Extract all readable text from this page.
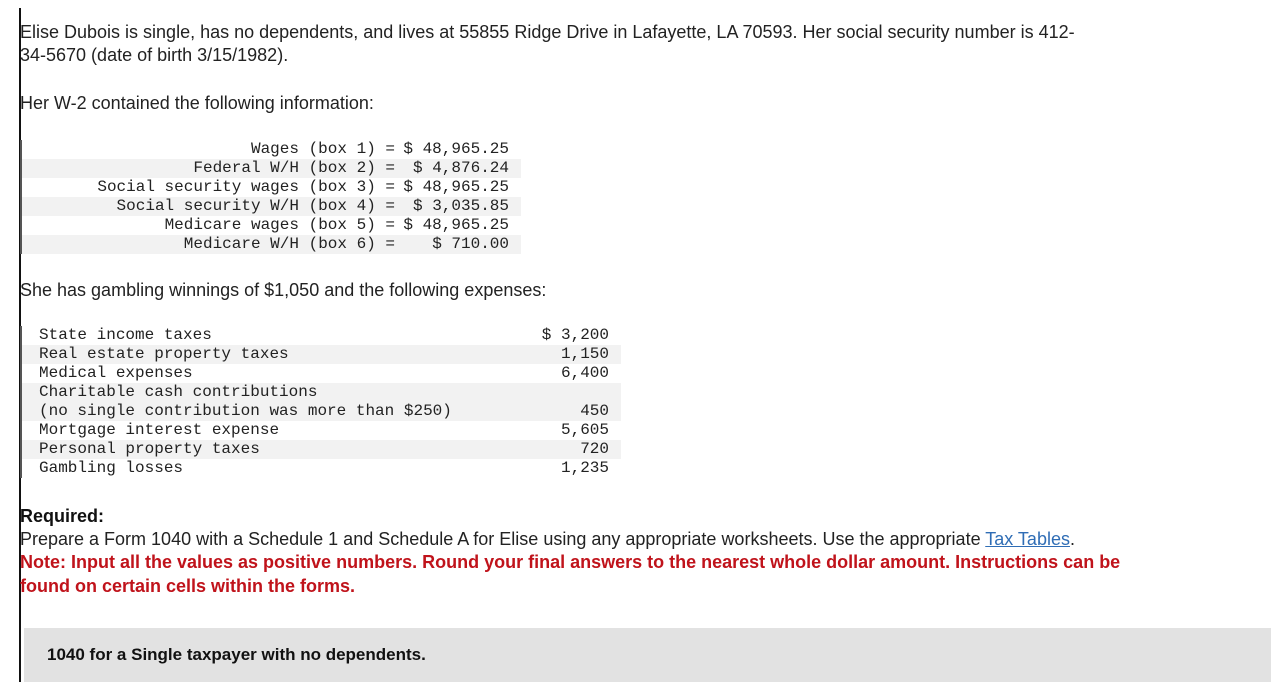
Elise Dubois is single, has no dependents, and lives at 55855 Ridge Drive in Lafayette, LA 70593. Her social security number is 412-
34-5670 (date of birth 3/15/1982).
Her W-2 contained the following information:
Wages (box 1) = $ 48,965.25
Federal W/H (box 2) = $ 4,876.24
Social security wages (box 3) = $ 48,965.25
Social security W/H (box 4) = $ 3,035.85
Medicare wages (box 5) = $ 48,965.25
Medicare W/H (box 6) = $ 710.00
She has gambling winnings of $1,050 and the following expenses:
State income taxes	$ 3,200
Real estate property taxes	1,150
Medical expenses	6,400
Charitable cash contributions
(no single contribution was more than $250)	450
Mortgage interest expense	5,605
Personal property taxes	720
Gambling losses	1,235
Required:
Prepare a Form 1040 with a Schedule 1 and Schedule A for Elise using any appropriate worksheets. Use the appropriate Tax Tables.
Note: Input all the values as positive numbers. Round your final answers to the nearest whole dollar amount. Instructions can be
found on certain cells within the forms.
1040 for a Single taxpayer with no dependents.
